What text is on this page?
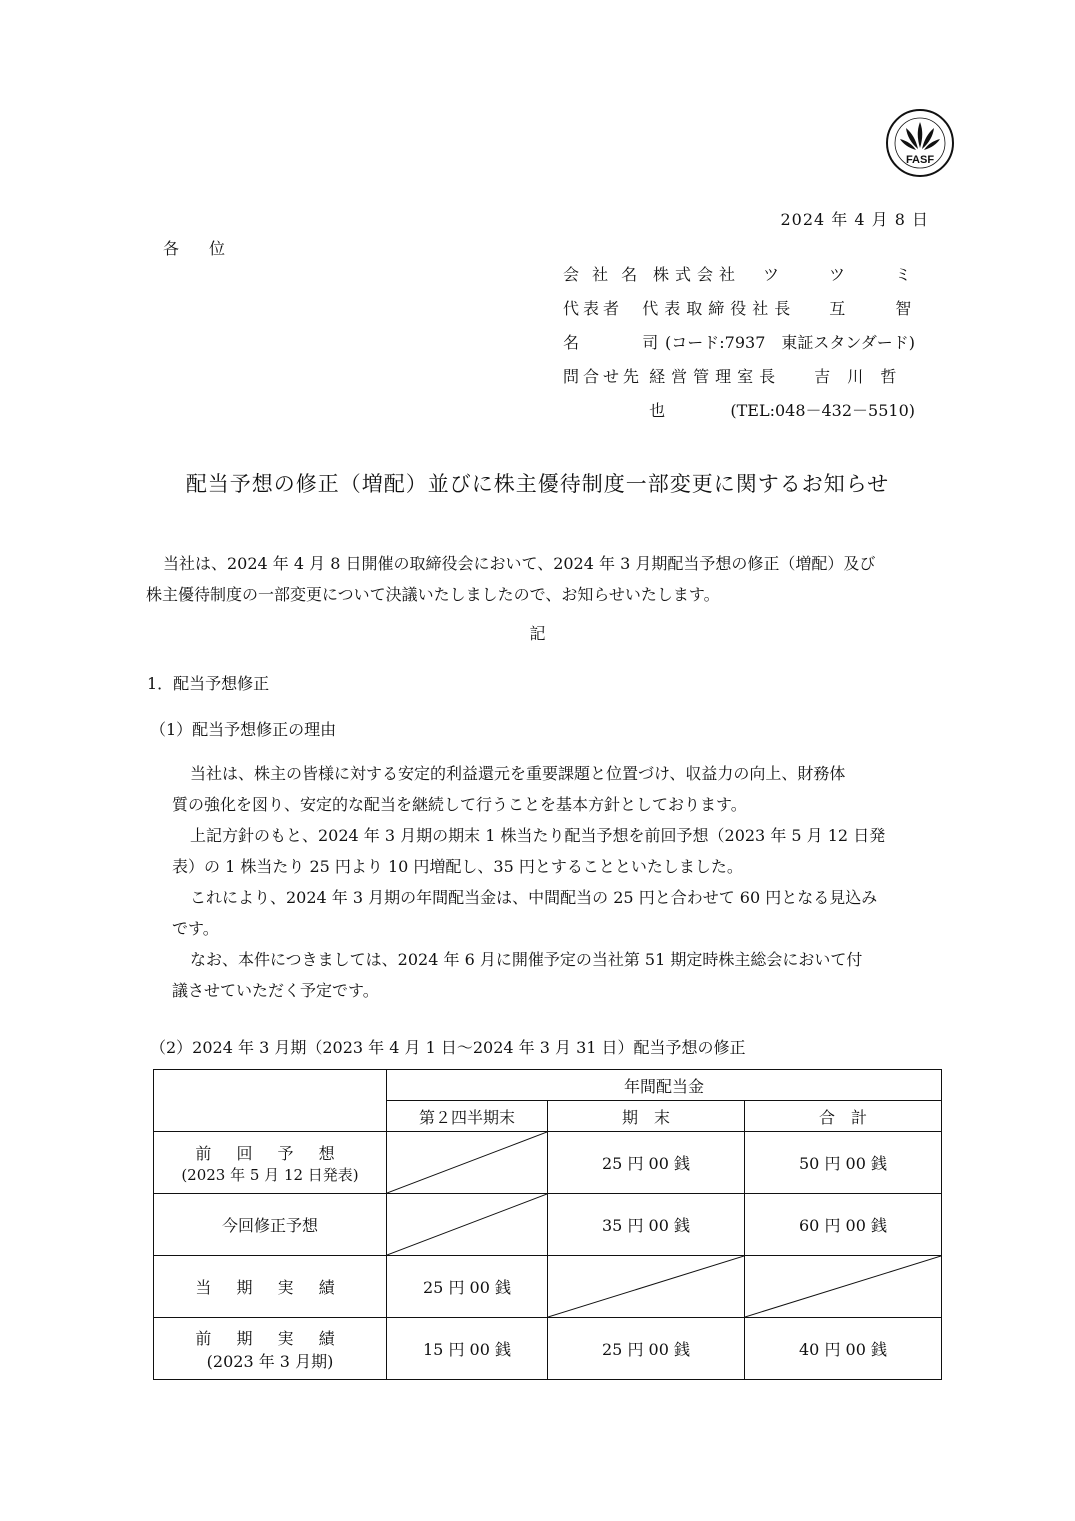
FASF
2024 年 4 月 8 日
各位
会 社 名 株式会社　ツ　　ツ　　ミ
代表者名
代表取締役社長　 互　　智　司 (コード:7937　東証スタンダード)
問合せ先 経営管理室長　 吉 川 哲 也	(TEL:048－432－5510)
配当予想の修正（増配）並びに株主優待制度一部変更に関するお知らせ
当社は、2024 年 4 月 8 日開催の取締役会において、2024 年 3 月期配当予想の修正（増配）及び
株主優待制度の一部変更について決議いたしましたので、お知らせいたします。
記
1．配当予想修正
（1）配当予想修正の理由

当社は、株主の皆様に対する安定的利益還元を重要課題と位置づけ、収益力の向上、財務体

質の強化を図り、安定的な配当を継続して行うことを基本方針としております。

上記方針のもと、2024 年 3 月期の期末 1 株当たり配当予想を前回予想（2023 年 5 月 12 日発

表）の 1 株当たり 25 円より 10 円増配し、35 円とすることといたしました。

これにより、2024 年 3 月期の年間配当金は、中間配当の 25 円と合わせて 60 円となる見込み

です。

なお、本件につきましては、2024 年 6 月に開催予定の当社第 51 期定時株主総会において付

議させていただく予定です。

（2）2024 年 3 月期（2023 年 4 月 1 日～2024 年 3 月 31 日）配当予想の修正
	年間配当金		
	第２四半期末	期　末	合　計

前 回 予 想
(2023 年 5 月 12 日発表)		25 円 00 銭	50 円 00 銭
今回修正予想		35 円 00 銭	60 円 00 銭
当 期 実 績	25 円 00 銭	

前 期 実 績
(2023 年 3 月期)	15 円 00 銭	25 円 00 銭	40 円 00 銭
